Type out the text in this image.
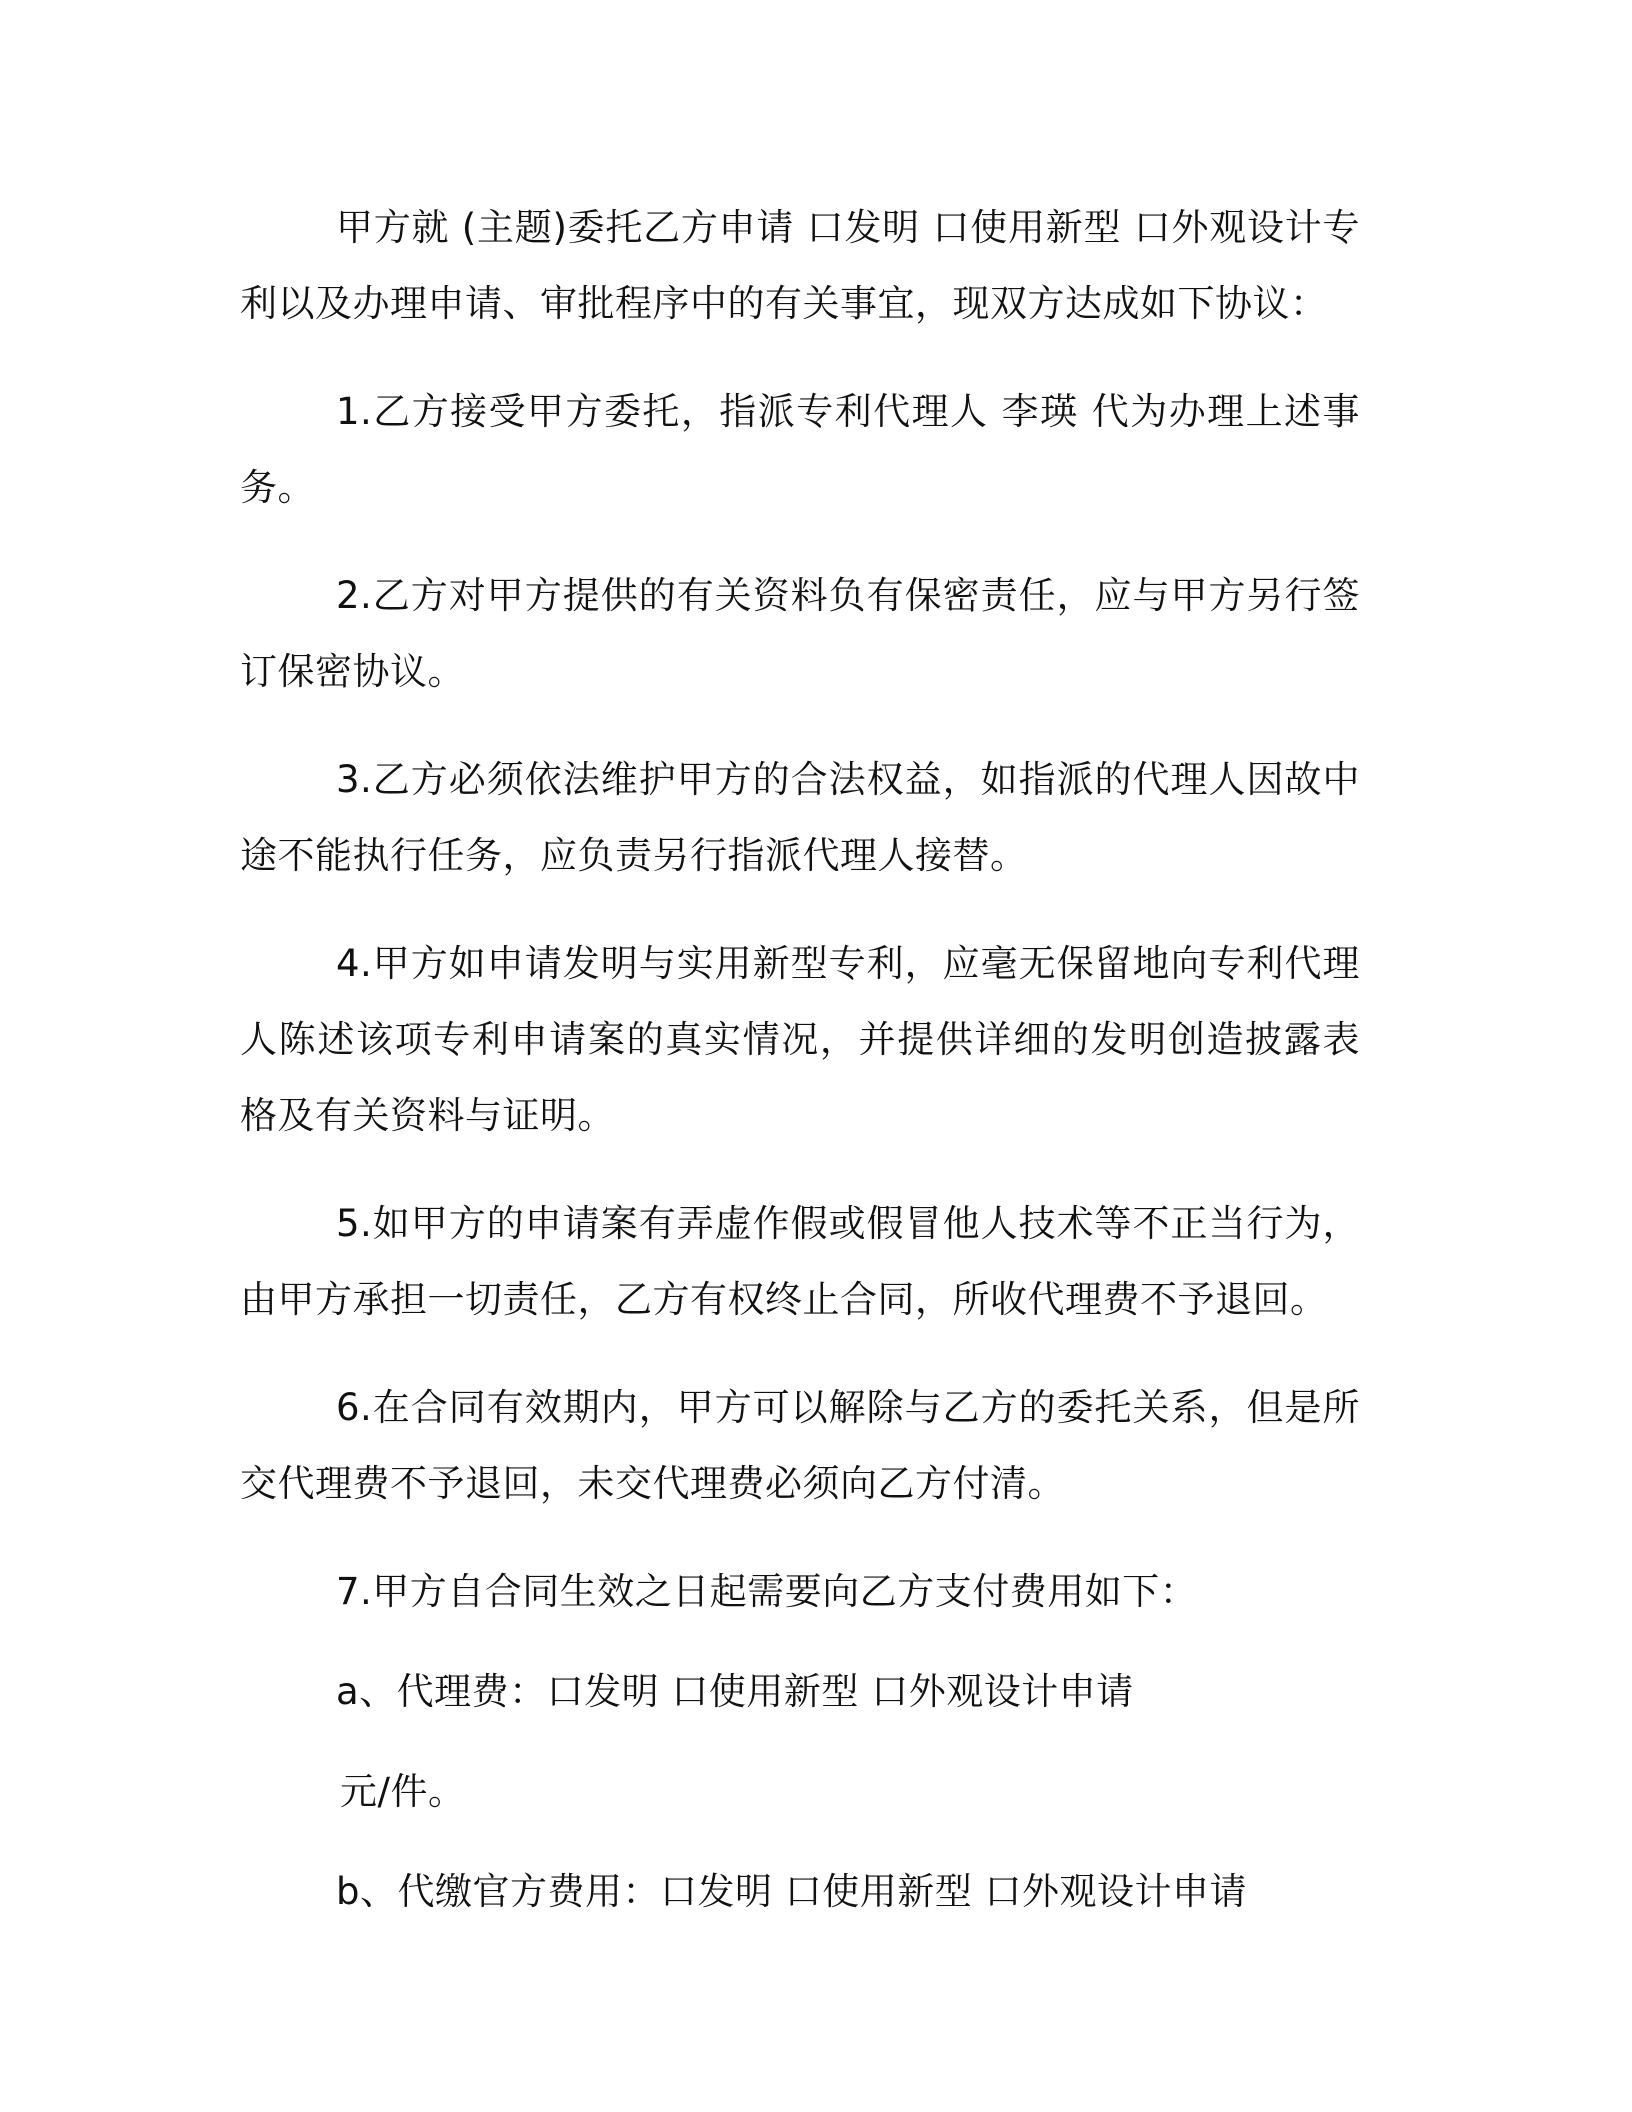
甲方就 (主题)委托乙方申请 口发明 口使用新型 口外观设计专利以及办理申请、审批程序中的有关事宜，现双方达成如下协议：

1.乙方接受甲方委托，指派专利代理人 李瑛 代为办理上述事务。

2.乙方对甲方提供的有关资料负有保密责任，应与甲方另行签订保密协议。

3.乙方必须依法维护甲方的合法权益，如指派的代理人因故中途不能执行任务，应负责另行指派代理人接替。

4.甲方如申请发明与实用新型专利，应毫无保留地向专利代理人陈述该项专利申请案的真实情况，并提供详细的发明创造披露表格及有关资料与证明。

5.如甲方的申请案有弄虚作假或假冒他人技术等不正当行为，由甲方承担一切责任，乙方有权终止合同，所收代理费不予退回。

6.在合同有效期内，甲方可以解除与乙方的委托关系，但是所交代理费不予退回，未交代理费必须向乙方付清。

7.甲方自合同生效之日起需要向乙方支付费用如下：

a、代理费：口发明 口使用新型 口外观设计申请

元/件。

b、代缴官方费用：口发明 口使用新型 口外观设计申请
